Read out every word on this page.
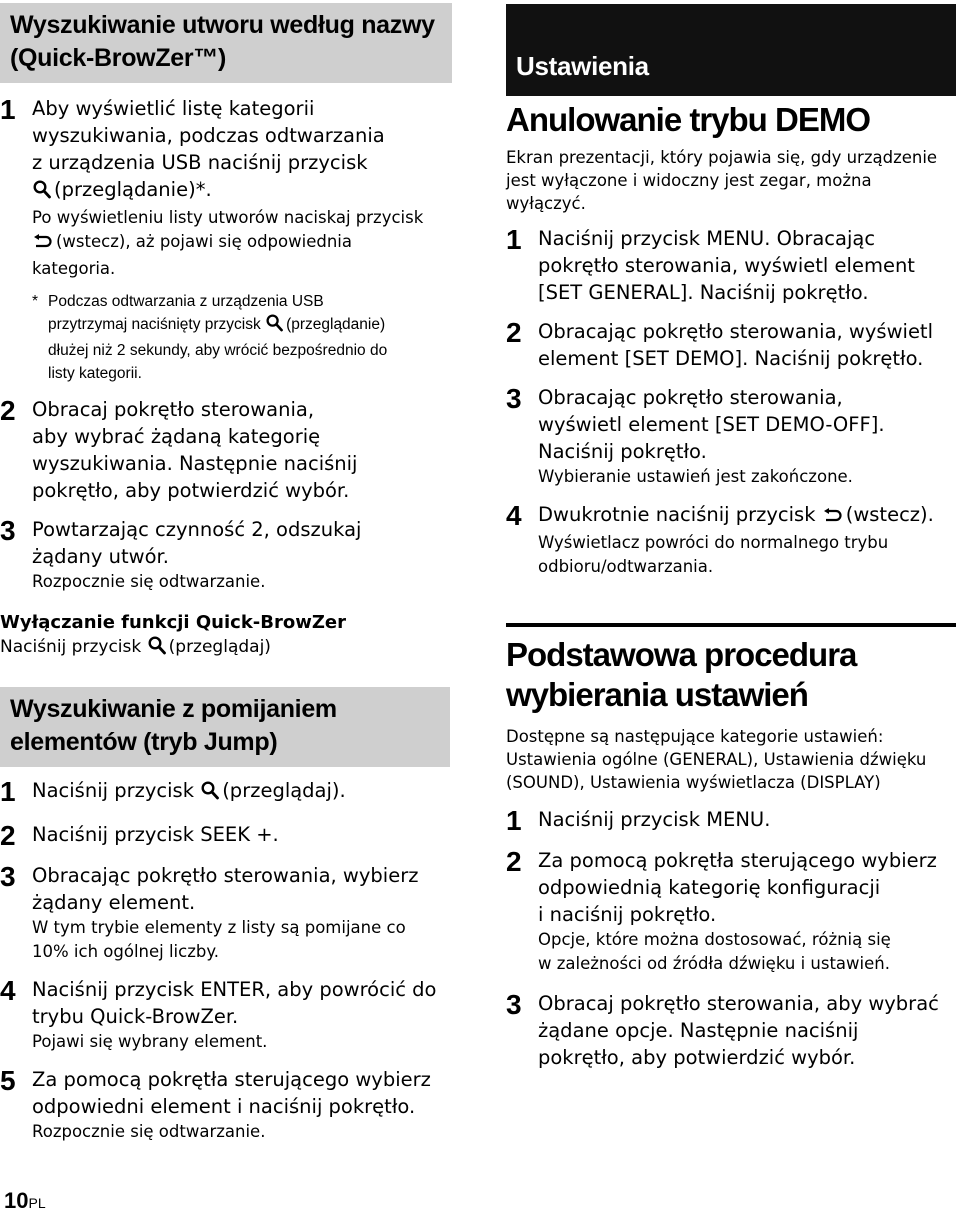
Wyszukiwanie utworu według nazwy
(Quick-BrowZer™)
1 Aby wyświetlić listę kategorii
wyszukiwania, podczas odtwarzania
z urządzenia USB naciśnij przycisk
(przeglądanie)*.
Po wyświetleniu listy utworów naciskaj przycisk
(wstecz), aż pojawi się odpowiednia
kategoria.
* Podczas odtwarzania z urządzenia USB
przytrzymaj naciśnięty przycisk (przeglądanie)
dłużej niż 2 sekundy, aby wrócić bezpośrednio do
listy kategorii.
2 Obracaj pokrętło sterowania,
aby wybrać żądaną kategorię
wyszukiwania. Następnie naciśnij
pokrętło, aby potwierdzić wybór.
3 Powtarzając czynność 2, odszukaj
żądany utwór.
Rozpocznie się odtwarzanie.
Wyłączanie funkcji Quick-BrowZer
Naciśnij przycisk (przeglądaj)
Wyszukiwanie z pomijaniem
elementów (tryb Jump)
1 Naciśnij przycisk (przeglądaj).
2 Naciśnij przycisk SEEK +.
3 Obracając pokrętło sterowania, wybierz
żądany element.
W tym trybie elementy z listy są pomijane co
10% ich ogólnej liczby.
4 Naciśnij przycisk ENTER, aby powrócić do
trybu Quick-BrowZer.
Pojawi się wybrany element.
5 Za pomocą pokrętła sterującego wybierz
odpowiedni element i naciśnij pokrętło.
Rozpocznie się odtwarzanie.
Ustawienia
Anulowanie trybu DEMO
Ekran prezentacji, który pojawia się, gdy urządzenie
jest wyłączone i widoczny jest zegar, można
wyłączyć.
1 Naciśnij przycisk MENU. Obracając
pokrętło sterowania, wyświetl element
[SET GENERAL]. Naciśnij pokrętło.
2 Obracając pokrętło sterowania, wyświetl
element [SET DEMO]. Naciśnij pokrętło.
3 Obracając pokrętło sterowania,
wyświetl element [SET DEMO-OFF].
Naciśnij pokrętło.
Wybieranie ustawień jest zakończone.
4 Dwukrotnie naciśnij przycisk (wstecz).
Wyświetlacz powróci do normalnego trybu
odbioru/odtwarzania.
Podstawowa procedura
wybierania ustawień
Dostępne są następujące kategorie ustawień:
Ustawienia ogólne (GENERAL), Ustawienia dźwięku
(SOUND), Ustawienia wyświetlacza (DISPLAY)
1 Naciśnij przycisk MENU.
2 Za pomocą pokrętła sterującego wybierz
odpowiednią kategorię konfiguracji
i naciśnij pokrętło.
Opcje, które można dostosować, różnią się
w zależności od źródła dźwięku i ustawień.
3 Obracaj pokrętło sterowania, aby wybrać
żądane opcje. Następnie naciśnij
pokrętło, aby potwierdzić wybór.
10PL
